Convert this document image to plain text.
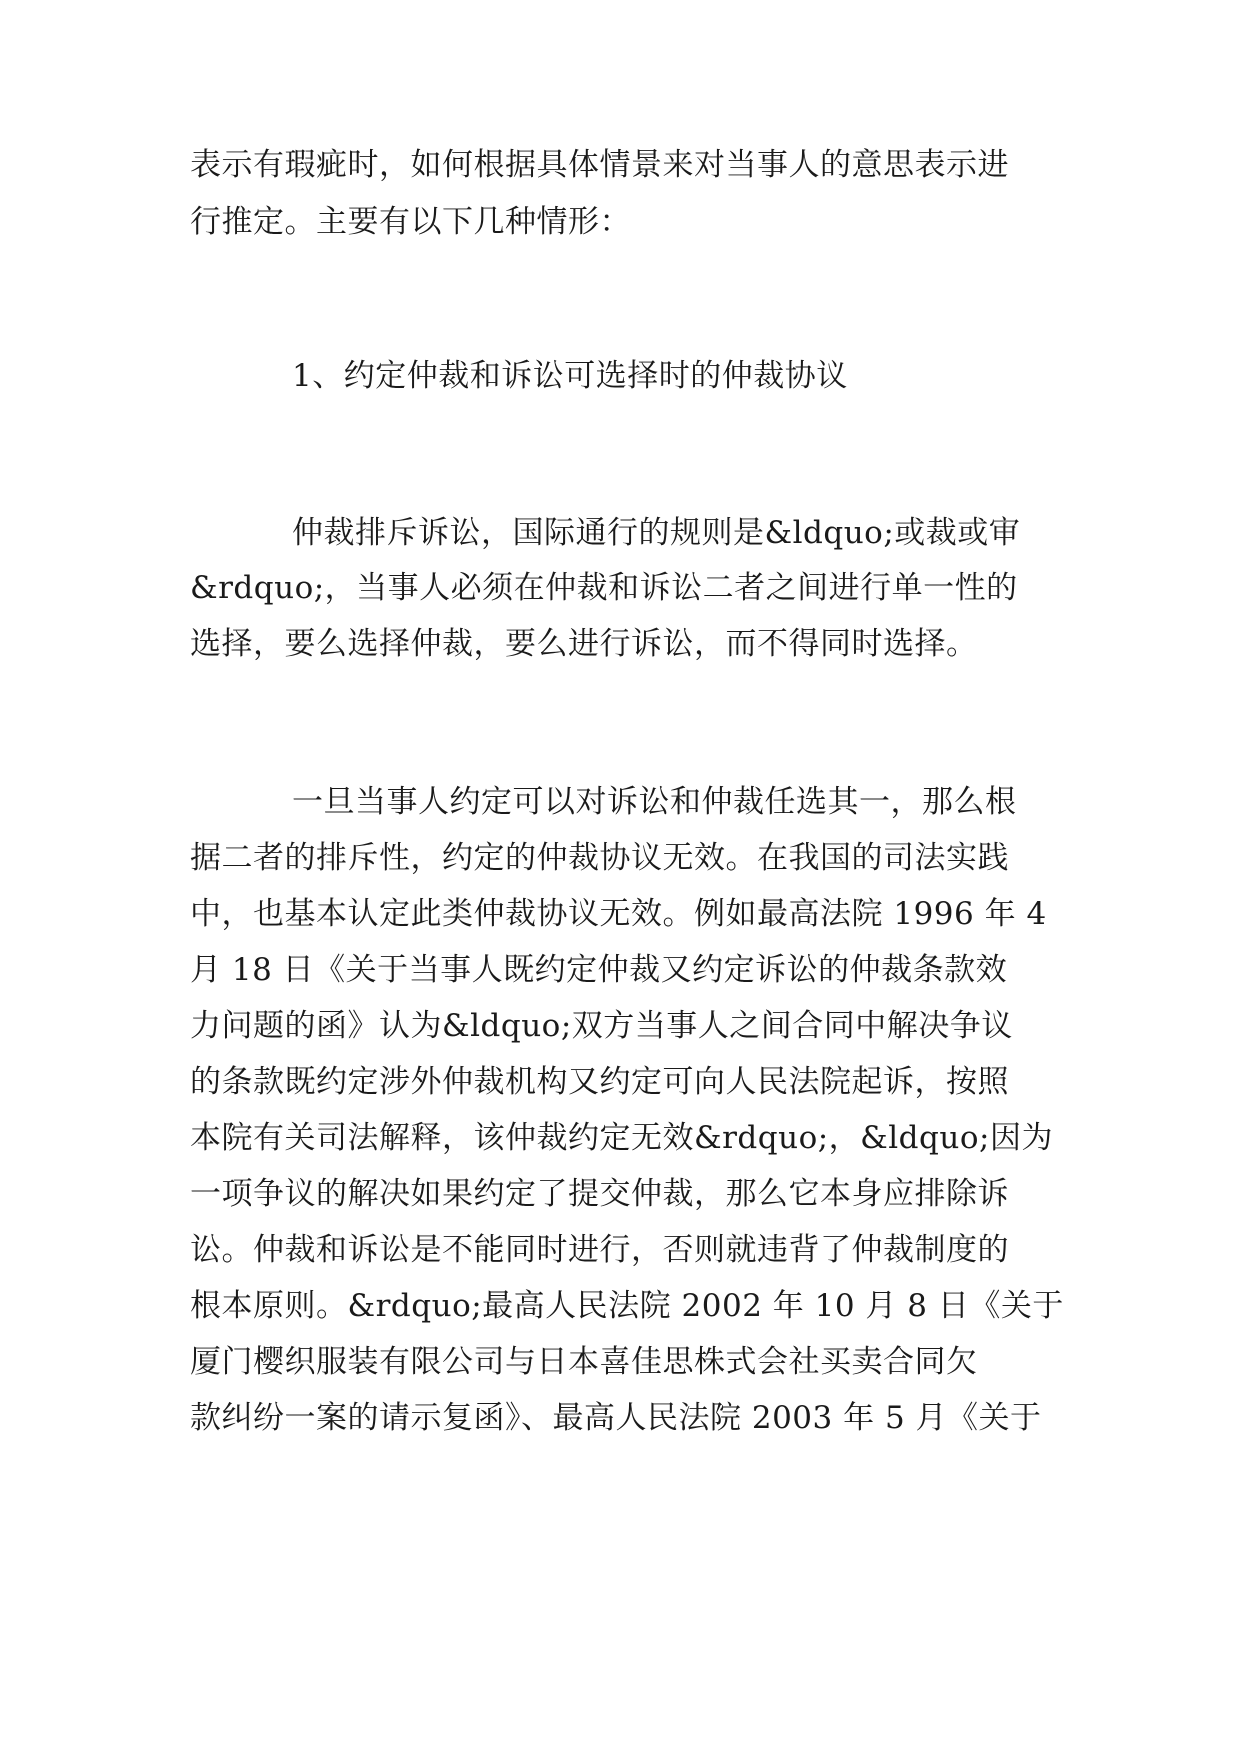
表示有瑕疵时，如何根据具体情景来对当事人的意思表示进
行推定。主要有以下几种情形：
1、约定仲裁和诉讼可选择时的仲裁协议
仲裁排斥诉讼，国际通行的规则是&ldquo;或裁或审
&rdquo;，当事人必须在仲裁和诉讼二者之间进行单一性的
选择，要么选择仲裁，要么进行诉讼，而不得同时选择。
一旦当事人约定可以对诉讼和仲裁任选其一，那么根
据二者的排斥性，约定的仲裁协议无效。在我国的司法实践
中，也基本认定此类仲裁协议无效。例如最高法院 1996 年 4
月 18 日《关于当事人既约定仲裁又约定诉讼的仲裁条款效
力问题的函》认为&ldquo;双方当事人之间合同中解决争议
的条款既约定涉外仲裁机构又约定可向人民法院起诉，按照
本院有关司法解释，该仲裁约定无效&rdquo;，&ldquo;因为
一项争议的解决如果约定了提交仲裁，那么它本身应排除诉
讼。仲裁和诉讼是不能同时进行，否则就违背了仲裁制度的
根本原则。&rdquo;最高人民法院 2002 年 10 月 8 日《关于
厦门樱织服装有限公司与日本喜佳思株式会社买卖合同欠
款纠纷一案的请示复函》、最高人民法院 2003 年 5 月《关于
